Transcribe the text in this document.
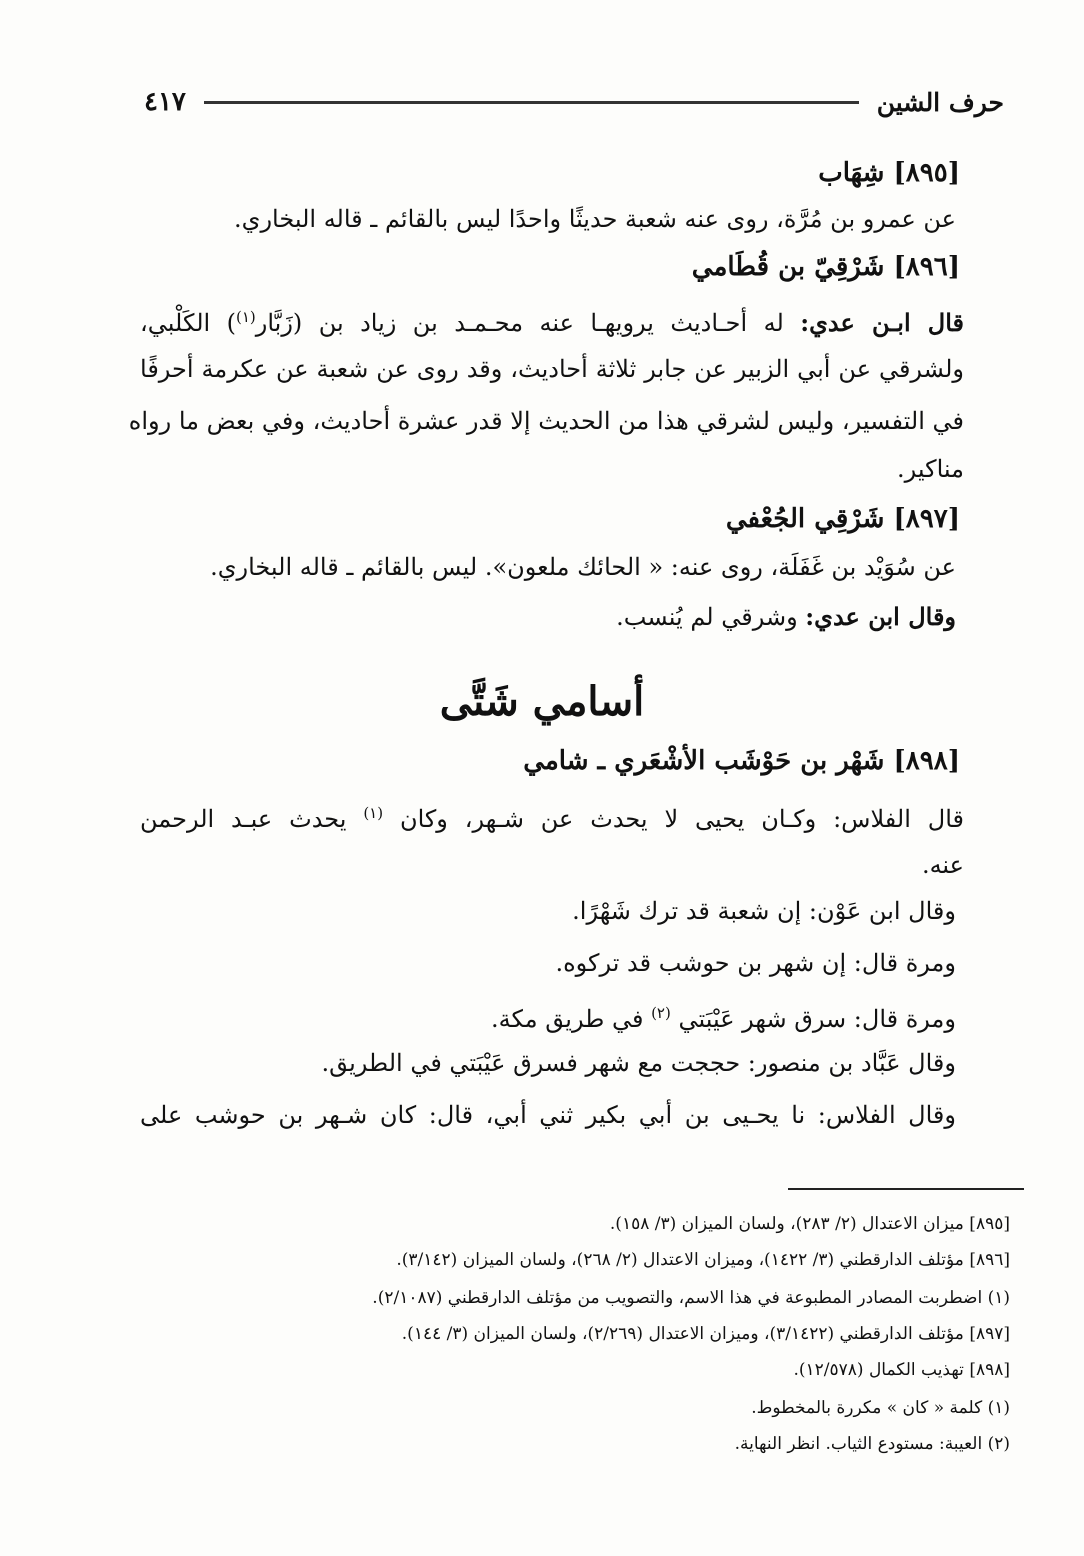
حرف الشين
٤١٧
[٨٩٥] شِهَاب
عن عمرو بن مُرَّة، روى عنه شعبة حديثًا واحدًا ليس بالقائم ـ قاله البخاري.
[٨٩٦] شَرْقِيّ بن قُطَامي
قال ابـن عدي: له أحـاديث يرويهـا عنه محـمـد بن زياد بن (زَبَّار$^{(١)}$) الكَلْبي،
ولشرقي عن أبي الزبير عن جابر ثلاثة أحاديث، وقد روى عن شعبة عن عكرمة أحرفًا
في التفسير، وليس لشرقي هذا من الحديث إلا قدر عشرة أحاديث، وفي بعض ما رواه
مناكير.
[٨٩٧] شَرْقِي الجُعْفي
عن سُوَيْد بن غَفَلَة، روى عنه: « الحائك ملعون». ليس بالقائم ـ قاله البخاري.
وقال ابن عدي: وشرقي لم يُنسب.
أسامي شَتَّى
[٨٩٨] شَهْر بن حَوْشَب الأشْعَري ـ شامي
قال الفلاس: وكـان يحيى لا يحدث عن شـهر، وكان $^{(١)}$ يحدث عبـد الرحمن
عنه.
وقال ابن عَوْن: إن شعبة قد ترك شَهْرًا.
ومرة قال: إن شهر بن حوشب قد تركوه.
ومرة قال: سرق شهر عَيْبَتي $^{(٢)}$ في طريق مكة.
وقال عَبَّاد بن منصور: حججت مع شهر فسرق عَيْبَتي في الطريق.
وقال الفلاس: نا يحـيى بن أبي بكير ثني أبي، قال: كان شـهر بن حوشب على
[٨٩٥] ميزان الاعتدال (٢/ ٢٨٣)، ولسان الميزان (٣/ ١٥٨).
[٨٩٦] مؤتلف الدارقطني (٣/ ١٤٢٢)، وميزان الاعتدال (٢/ ٢٦٨)، ولسان الميزان (٣/١٤٢).
(١) اضطربت المصادر المطبوعة في هذا الاسم، والتصويب من مؤتلف الدارقطني (٢/١٠٨٧).
[٨٩٧] مؤتلف الدارقطني (٣/١٤٢٢)، وميزان الاعتدال (٢/٢٦٩)، ولسان الميزان (٣/ ١٤٤).
[٨٩٨] تهذيب الكمال (١٢/٥٧٨).
(١) كلمة « كان » مكررة بالمخطوط.
(٢) العيبة: مستودع الثياب. انظر النهاية.
